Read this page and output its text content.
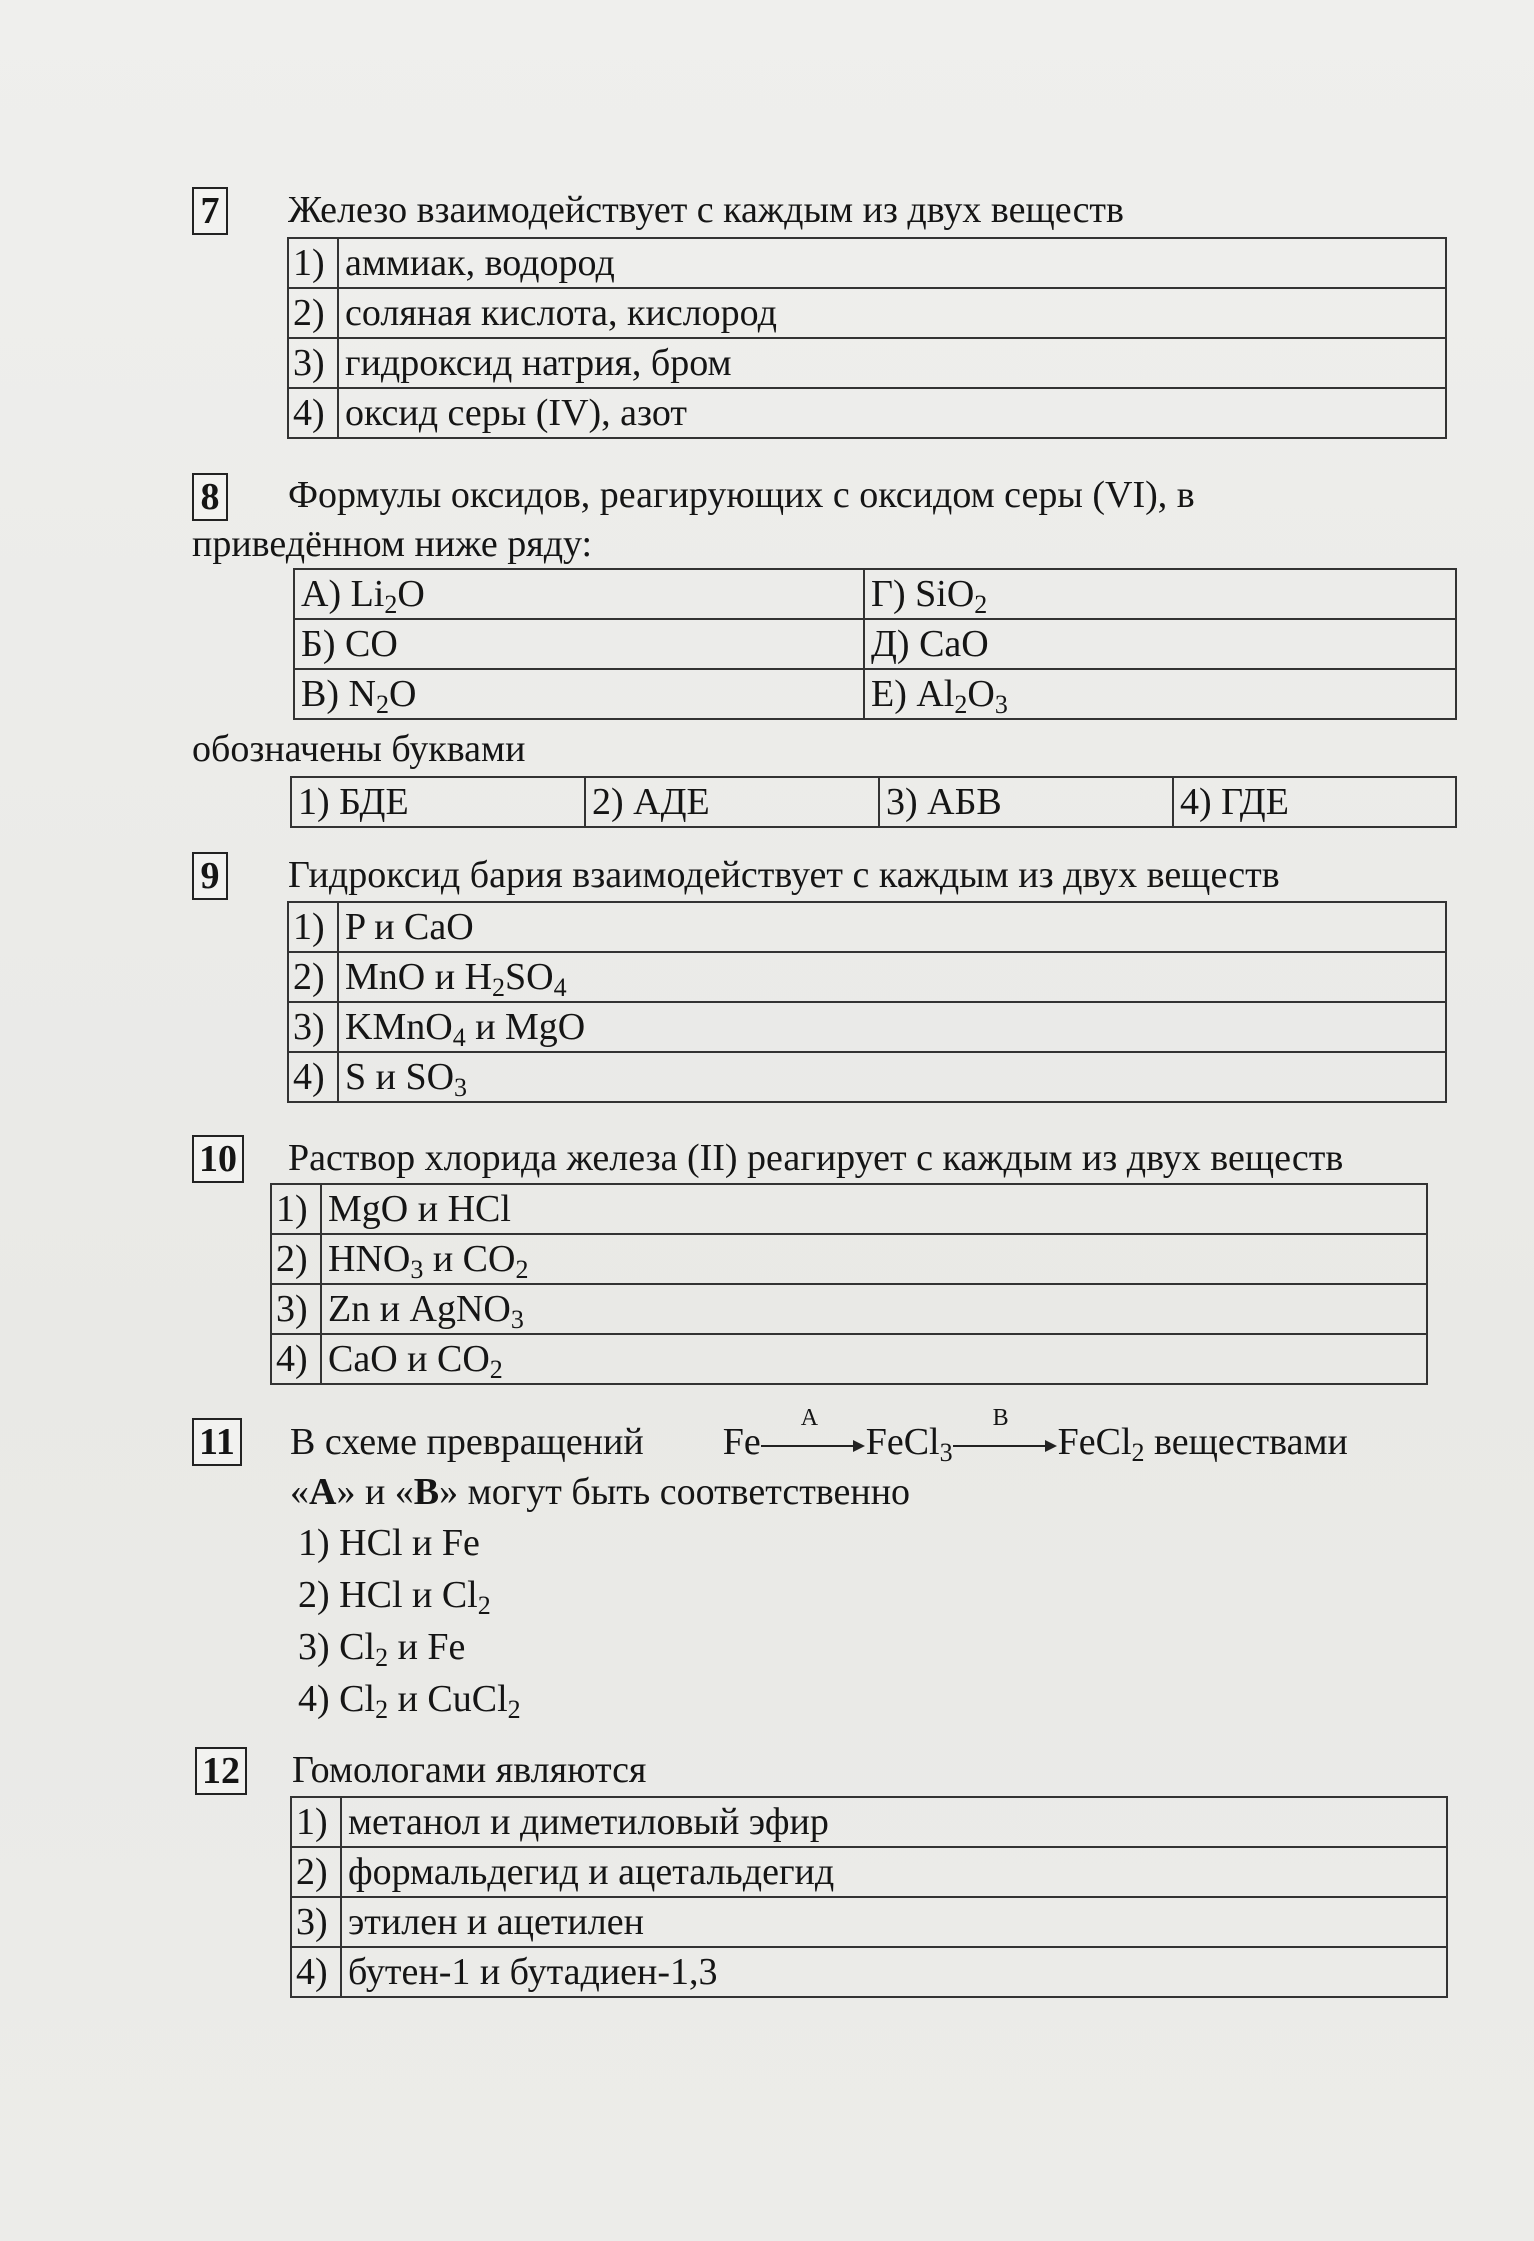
7 Железо взаимодействует с каждым из двух веществ
1)	аммиак, водород
2)	соляная кислота, кислород
3)	гидроксид натрия, бром
4)	оксид серы (IV), азот
8 Формулы оксидов, реагирующих с оксидом серы (VI), в
приведённом ниже ряду:
А) $Li_2O$	Г) SiO$_2$
Б) CO	Д) CaO
В) $N_2O$	Е) $Al_2O_3$
обозначены буквами
1) БДЕ	2) АДЕ	3) АБВ	4) ГДЕ
9 Гидроксид бария взаимодействует с каждым из двух веществ
1)	P и CaO
2)	MnO и $H_2SO_4$
3)	KMnO$_4$ и MgO
4)	S и $SO_3$
10 Раствор хлорида железа (II) реагирует с каждым из двух веществ
1)	MgO и HCl
2)	$HNO_3$ и $CO_2$
3)	Zn и AgNO$_3$
4)	CaO и $CO_2$
11 В схеме превращений Fe
A
FeCl$_3$
B
FeCl$_2$ веществами
«A» и «B» могут быть соответственно
1) HCl и Fe
2) HCl и $Cl_2$
3) $Cl_2$ и Fe
4) $Cl_2$ и CuCl$_2$
12 Гомологами являются
1)	метанол и диметиловый эфир
2)	формальдегид и ацетальдегид
3)	этилен и ацетилен
4)	бутен-1 и бутадиен-1,3
